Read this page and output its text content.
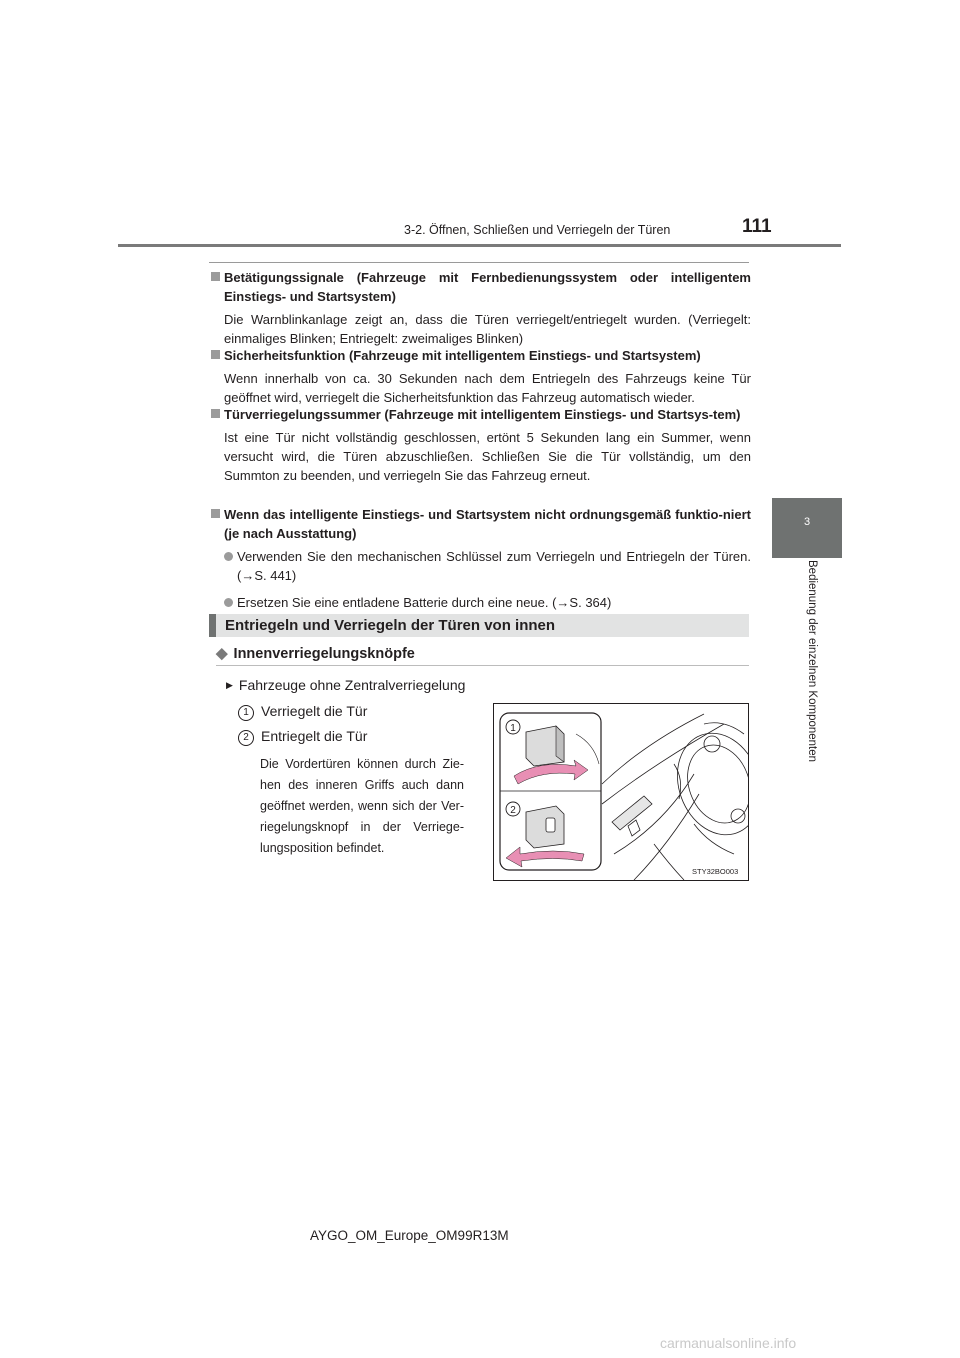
3-2. Öffnen, Schließen und Verriegeln der Türen	111
3
Bedienung der einzelnen Komponenten
Betätigungssignale (Fahrzeuge mit Fernbedienungssystem oder intelligentem Einstiegs- und Startsystem)
Die Warnblinkanlage zeigt an, dass die Türen verriegelt/entriegelt wurden. (Verriegelt: einmaliges Blinken; Entriegelt: zweimaliges Blinken)
Sicherheitsfunktion (Fahrzeuge mit intelligentem Einstiegs- und Startsystem)
Wenn innerhalb von ca. 30 Sekunden nach dem Entriegeln des Fahrzeugs keine Tür geöffnet wird, verriegelt die Sicherheitsfunktion das Fahrzeug automatisch wieder.
Türverriegelungssummer (Fahrzeuge mit intelligentem Einstiegs- und Startsys-tem)
Ist eine Tür nicht vollständig geschlossen, ertönt 5 Sekunden lang ein Summer, wenn versucht wird, die Türen abzuschließen. Schließen Sie die Tür vollständig, um den Summton zu beenden, und verriegeln Sie das Fahrzeug erneut.
Wenn das intelligente Einstiegs- und Startsystem nicht ordnungsgemäß funktio-niert (je nach Ausstattung)
Verwenden Sie den mechanischen Schlüssel zum Verriegeln und Entriegeln der Türen. (→S. 441)
Ersetzen Sie eine entladene Batterie durch eine neue. (→S. 364)
Entriegeln und Verriegeln der Türen von innen
◆ Innenverriegelungsknöpfe
▶ Fahrzeuge ohne Zentralverriegelung
1 Verriegelt die Tür
2 Entriegelt die Tür
Die Vordertüren können durch Zie-hen des inneren Griffs auch dann geöffnet werden, wenn sich der Ver-riegelungsknopf in der Verriege-lungsposition befindet.
1
2
STY32BO003
AYGO_OM_Europe_OM99R13M
carmanualsonline.info
